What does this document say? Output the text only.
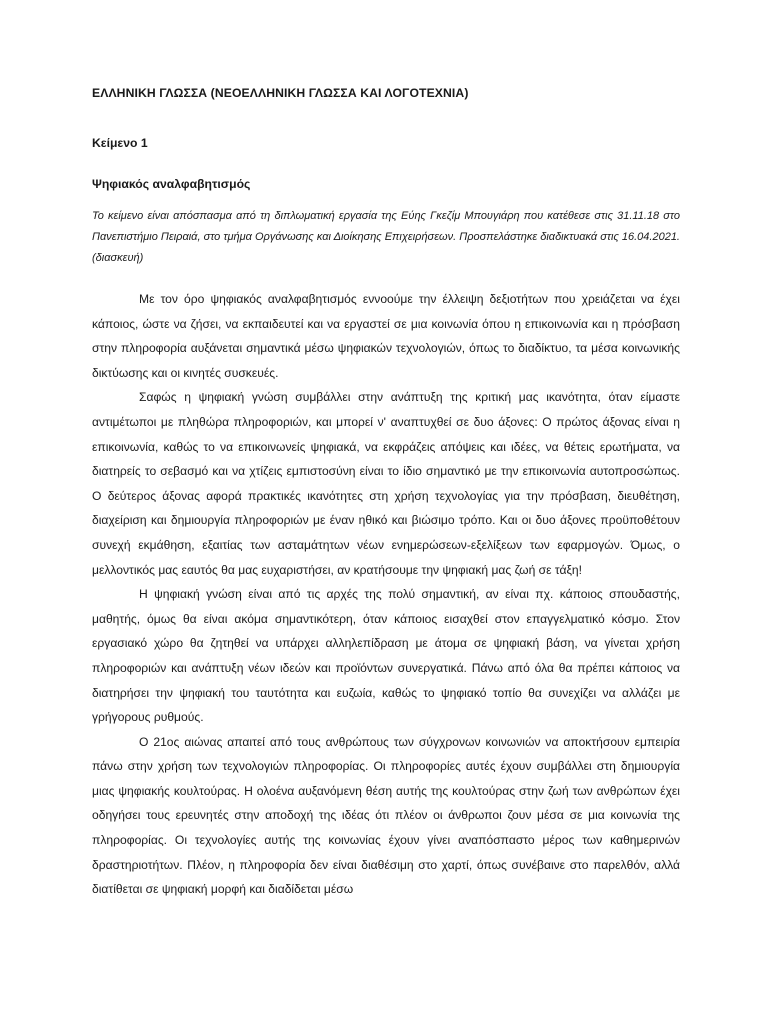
ΕΛΛΗΝΙΚΗ ΓΛΩΣΣΑ (ΝΕΟΕΛΛΗΝΙΚΗ ΓΛΩΣΣΑ ΚΑΙ ΛΟΓΟΤΕΧΝΙΑ)
Κείμενο 1
Ψηφιακός αναλφαβητισμός

Το κείμενο είναι απόσπασμα από τη διπλωματική εργασία της Εύης Γκεζίμ Μπουγιάρη που κατέθεσε στις 31.11.18 στο Πανεπιστήμιο Πειραιά, στο τμήμα Οργάνωσης και Διοίκησης Επιχειρήσεων. Προσπελάστηκε διαδικτυακά στις 16.04.2021.(διασκευή)

Με τον όρο ψηφιακός αναλφαβητισμός εννοούμε την έλλειψη δεξιοτήτων που χρειάζεται να έχει κάποιος, ώστε να ζήσει, να εκπαιδευτεί και να εργαστεί σε μια κοινωνία όπου η επικοινωνία και η πρόσβαση στην πληροφορία αυξάνεται σημαντικά μέσω ψηφιακών τεχνολογιών, όπως το διαδίκτυο, τα μέσα κοινωνικής δικτύωσης και οι κινητές συσκευές.

Σαφώς η ψηφιακή γνώση συμβάλλει στην ανάπτυξη της κριτική μας ικανότητα, όταν είμαστε αντιμέτωποι με πληθώρα πληροφοριών, και μπορεί ν' αναπτυχθεί σε δυο άξονες: Ο πρώτος άξονας είναι η επικοινωνία, καθώς το να επικοινωνείς ψηφιακά, να εκφράζεις απόψεις και ιδέες, να θέτεις ερωτήματα, να διατηρείς το σεβασμό και να χτίζεις εμπιστοσύνη είναι το ίδιο σημαντικό με την επικοινωνία αυτοπροσώπως. Ο δεύτερος άξονας αφορά πρακτικές ικανότητες στη χρήση τεχνολογίας για την πρόσβαση, διευθέτηση, διαχείριση και δημιουργία πληροφοριών με έναν ηθικό και βιώσιμο τρόπο. Και οι δυο άξονες προϋποθέτουν συνεχή εκμάθηση, εξαιτίας των ασταμάτητων νέων ενημερώσεων-εξελίξεων των εφαρμογών. Όμως, ο μελλοντικός μας εαυτός θα μας ευχαριστήσει, αν κρατήσουμε την ψηφιακή μας ζωή σε τάξη!

Η ψηφιακή γνώση είναι από τις αρχές της πολύ σημαντική, αν είναι πχ. κάποιος σπουδαστής, μαθητής, όμως θα είναι ακόμα σημαντικότερη, όταν κάποιος εισαχθεί στον επαγγελματικό κόσμο. Στον εργασιακό χώρο θα ζητηθεί να υπάρχει αλληλεπίδραση με άτομα σε ψηφιακή βάση, να γίνεται χρήση πληροφοριών και ανάπτυξη νέων ιδεών και προϊόντων συνεργατικά. Πάνω από όλα θα πρέπει κάποιος να διατηρήσει την ψηφιακή του ταυτότητα και ευζωία, καθώς το ψηφιακό τοπίο θα συνεχίζει να αλλάζει με γρήγορους ρυθμούς.

Ο 21ος αιώνας απαιτεί από τους ανθρώπους των σύγχρονων κοινωνιών να αποκτήσουν εμπειρία πάνω στην χρήση των τεχνολογιών πληροφορίας. Οι πληροφορίες αυτές έχουν συμβάλλει στη δημιουργία μιας ψηφιακής κουλτούρας. Η ολοένα αυξανόμενη θέση αυτής της κουλτούρας στην ζωή των ανθρώπων έχει οδηγήσει τους ερευνητές στην αποδοχή της ιδέας ότι πλέον οι άνθρωποι ζουν μέσα σε μια κοινωνία της πληροφορίας. Οι τεχνολογίες αυτής της κοινωνίας έχουν γίνει αναπόσπαστο μέρος των καθημερινών δραστηριοτήτων. Πλέον, η πληροφορία δεν είναι διαθέσιμη στο χαρτί, όπως συνέβαινε στο παρελθόν, αλλά διατίθεται σε ψηφιακή μορφή και διαδίδεται μέσω
